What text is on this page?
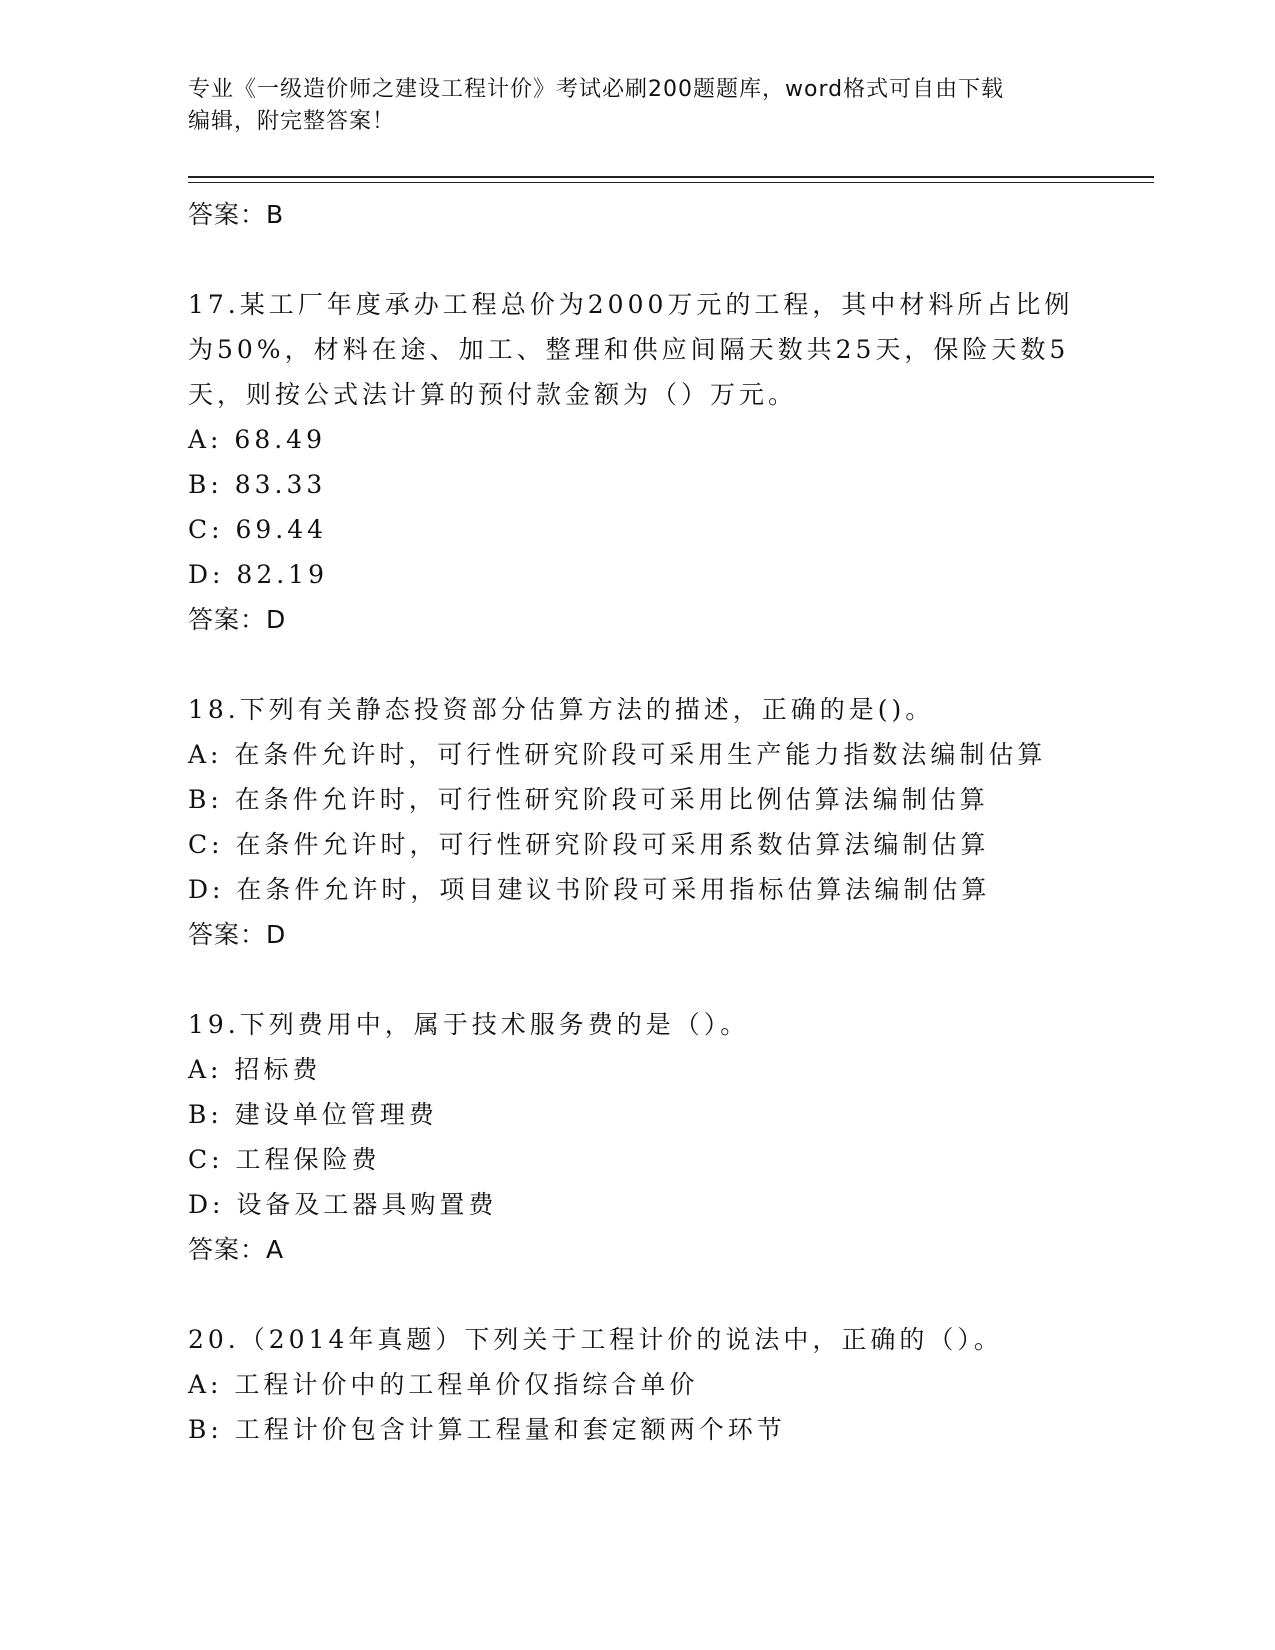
专业《一级造价师之建设工程计价》考试必刷200题题库，word格式可自由下载
编辑，附完整答案！
答案：B
17.某工厂年度承办工程总价为2000万元的工程，其中材料所占比例为50%，材料在途、加工、整理和供应间隔天数共25天，保险天数5天，则按公式法计算的预付款金额为（）万元。
A: 68.49
B: 83.33
C: 69.44
D: 82.19
答案：D
18.下列有关静态投资部分估算方法的描述，正确的是()。
A: 在条件允许时，可行性研究阶段可采用生产能力指数法编制估算
B: 在条件允许时，可行性研究阶段可采用比例估算法编制估算
C: 在条件允许时，可行性研究阶段可采用系数估算法编制估算
D: 在条件允许时，项目建议书阶段可采用指标估算法编制估算
答案：D
19.下列费用中，属于技术服务费的是（）。
A: 招标费
B: 建设单位管理费
C: 工程保险费
D: 设备及工器具购置费
答案：A
20.（2014年真题）下列关于工程计价的说法中，正确的（）。
A: 工程计价中的工程单价仅指综合单价
B: 工程计价包含计算工程量和套定额两个环节
